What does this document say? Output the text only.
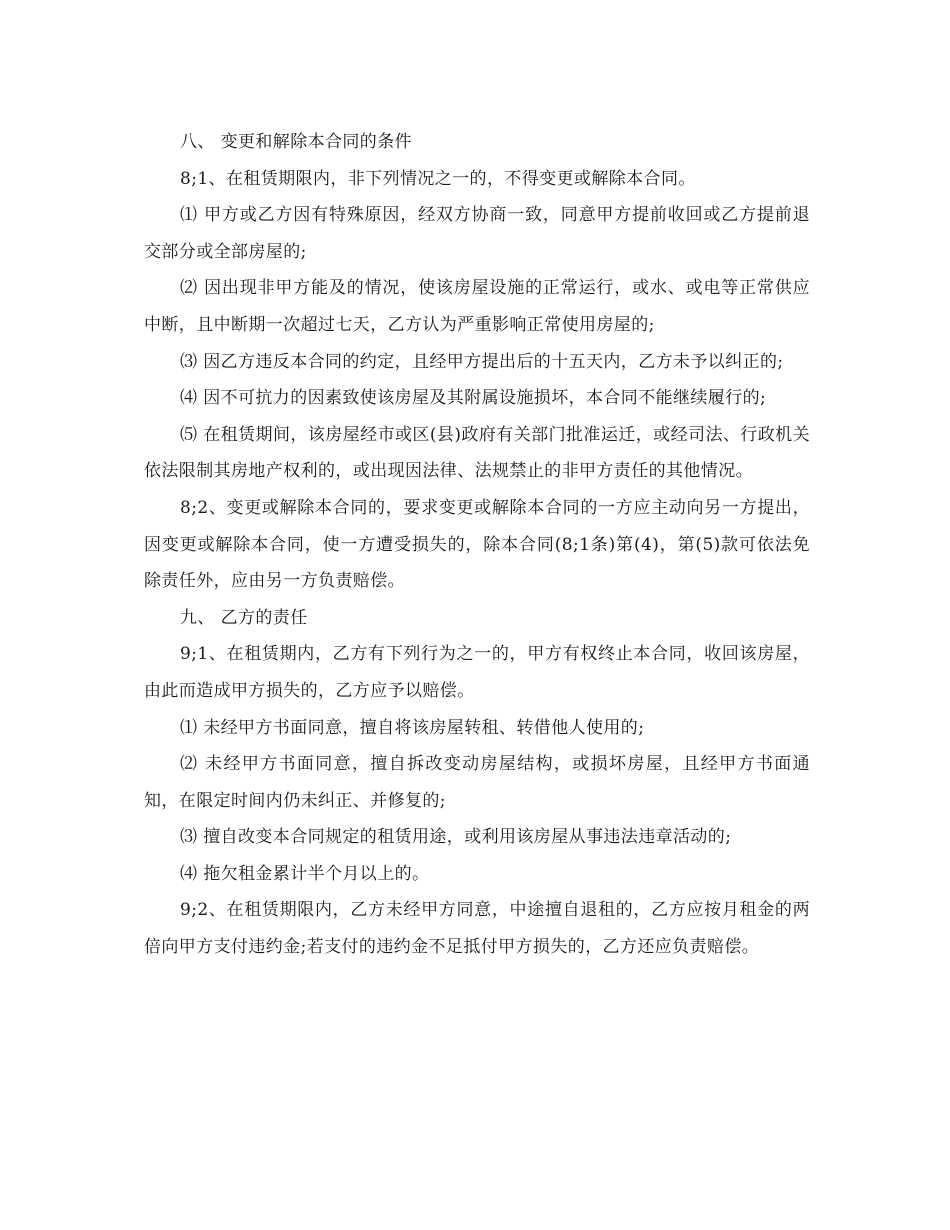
八、 变更和解除本合同的条件

8;1、在租赁期限内，非下列情况之一的，不得变更或解除本合同。

⑴ 甲方或乙方因有特殊原因，经双方协商一致，同意甲方提前收回或乙方提前退交部分或全部房屋的;

⑵ 因出现非甲方能及的情况，使该房屋设施的正常运行，或水、或电等正常供应中断，且中断期一次超过七天，乙方认为严重影响正常使用房屋的;

⑶ 因乙方违反本合同的约定，且经甲方提出后的十五天内，乙方未予以纠正的;

⑷ 因不可抗力的因素致使该房屋及其附属设施损坏，本合同不能继续履行的;

⑸ 在租赁期间，该房屋经市或区(县)政府有关部门批准运迁，或经司法、行政机关依法限制其房地产权利的，或出现因法律、法规禁止的非甲方责任的其他情况。

8;2、变更或解除本合同的，要求变更或解除本合同的一方应主动向另一方提出，因变更或解除本合同，使一方遭受损失的，除本合同(8;1条)第(4)，第(5)款可依法免除责任外，应由另一方负责赔偿。

九、 乙方的责任

9;1、在租赁期内，乙方有下列行为之一的，甲方有权终止本合同，收回该房屋，由此而造成甲方损失的，乙方应予以赔偿。

⑴ 未经甲方书面同意，擅自将该房屋转租、转借他人使用的;

⑵ 未经甲方书面同意，擅自拆改变动房屋结构，或损坏房屋，且经甲方书面通知，在限定时间内仍未纠正、并修复的;

⑶ 擅自改变本合同规定的租赁用途，或利用该房屋从事违法违章活动的;

⑷ 拖欠租金累计半个月以上的。

9;2、在租赁期限内，乙方未经甲方同意，中途擅自退租的，乙方应按月租金的两倍向甲方支付违约金;若支付的违约金不足抵付甲方损失的，乙方还应负责赔偿。
